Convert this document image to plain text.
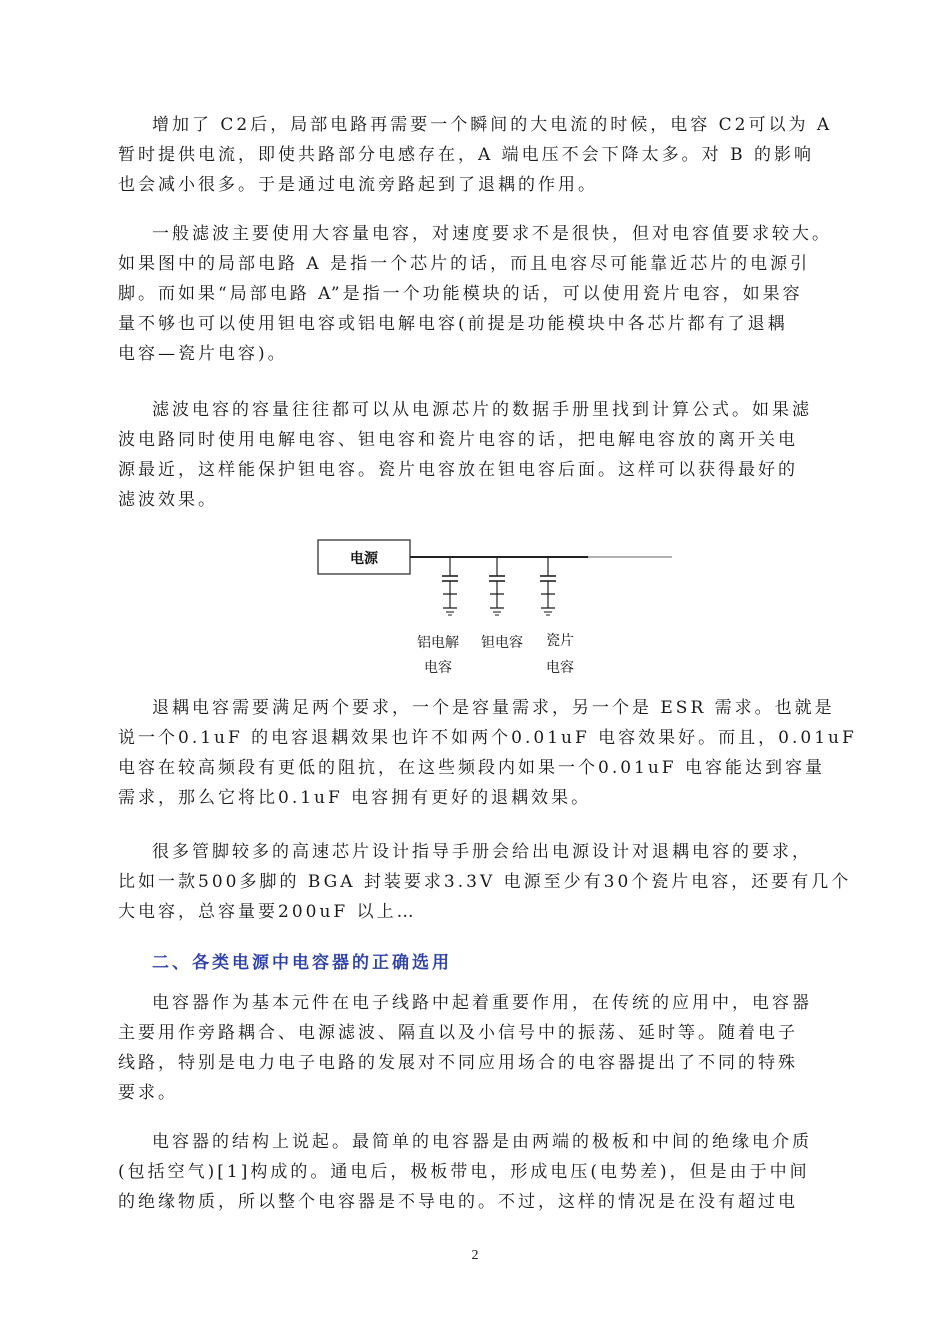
增加了 C2后，局部电路再需要一个瞬间的大电流的时候，电容 C2可以为 A
暂时提供电流，即使共路部分电感存在，A 端电压不会下降太多。对 B 的影响
也会减小很多。于是通过电流旁路起到了退耦的作用。
一般滤波主要使用大容量电容，对速度要求不是很快，但对电容值要求较大。
如果图中的局部电路 A 是指一个芯片的话，而且电容尽可能靠近芯片的电源引
脚。而如果“局部电路 A”是指一个功能模块的话，可以使用瓷片电容，如果容
量不够也可以使用钽电容或铝电解电容(前提是功能模块中各芯片都有了退耦
电容—瓷片电容)。
滤波电容的容量往往都可以从电源芯片的数据手册里找到计算公式。如果滤
波电路同时使用电解电容、钽电容和瓷片电容的话，把电解电容放的离开关电
源最近，这样能保护钽电容。瓷片电容放在钽电容后面。这样可以获得最好的
滤波效果。
电源
铝电解
电容
钽电容 瓷片
电容
退耦电容需要满足两个要求，一个是容量需求，另一个是 ESR 需求。也就是
说一个0.1uF 的电容退耦效果也许不如两个0.01uF 电容效果好。而且，0.01uF
电容在较高频段有更低的阻抗，在这些频段内如果一个0.01uF 电容能达到容量
需求，那么它将比0.1uF 电容拥有更好的退耦效果。
很多管脚较多的高速芯片设计指导手册会给出电源设计对退耦电容的要求，
比如一款500多脚的 BGA 封装要求3.3V 电源至少有30个瓷片电容，还要有几个
大电容，总容量要200uF 以上…
二、各类电源中电容器的正确选用
电容器作为基本元件在电子线路中起着重要作用，在传统的应用中，电容器
主要用作旁路耦合、电源滤波、隔直以及小信号中的振荡、延时等。随着电子
线路，特别是电力电子电路的发展对不同应用场合的电容器提出了不同的特殊
要求。
电容器的结构上说起。最简单的电容器是由两端的极板和中间的绝缘电介质
(包括空气)[1]构成的。通电后，极板带电，形成电压(电势差)，但是由于中间
的绝缘物质，所以整个电容器是不导电的。不过，这样的情况是在没有超过电
2
